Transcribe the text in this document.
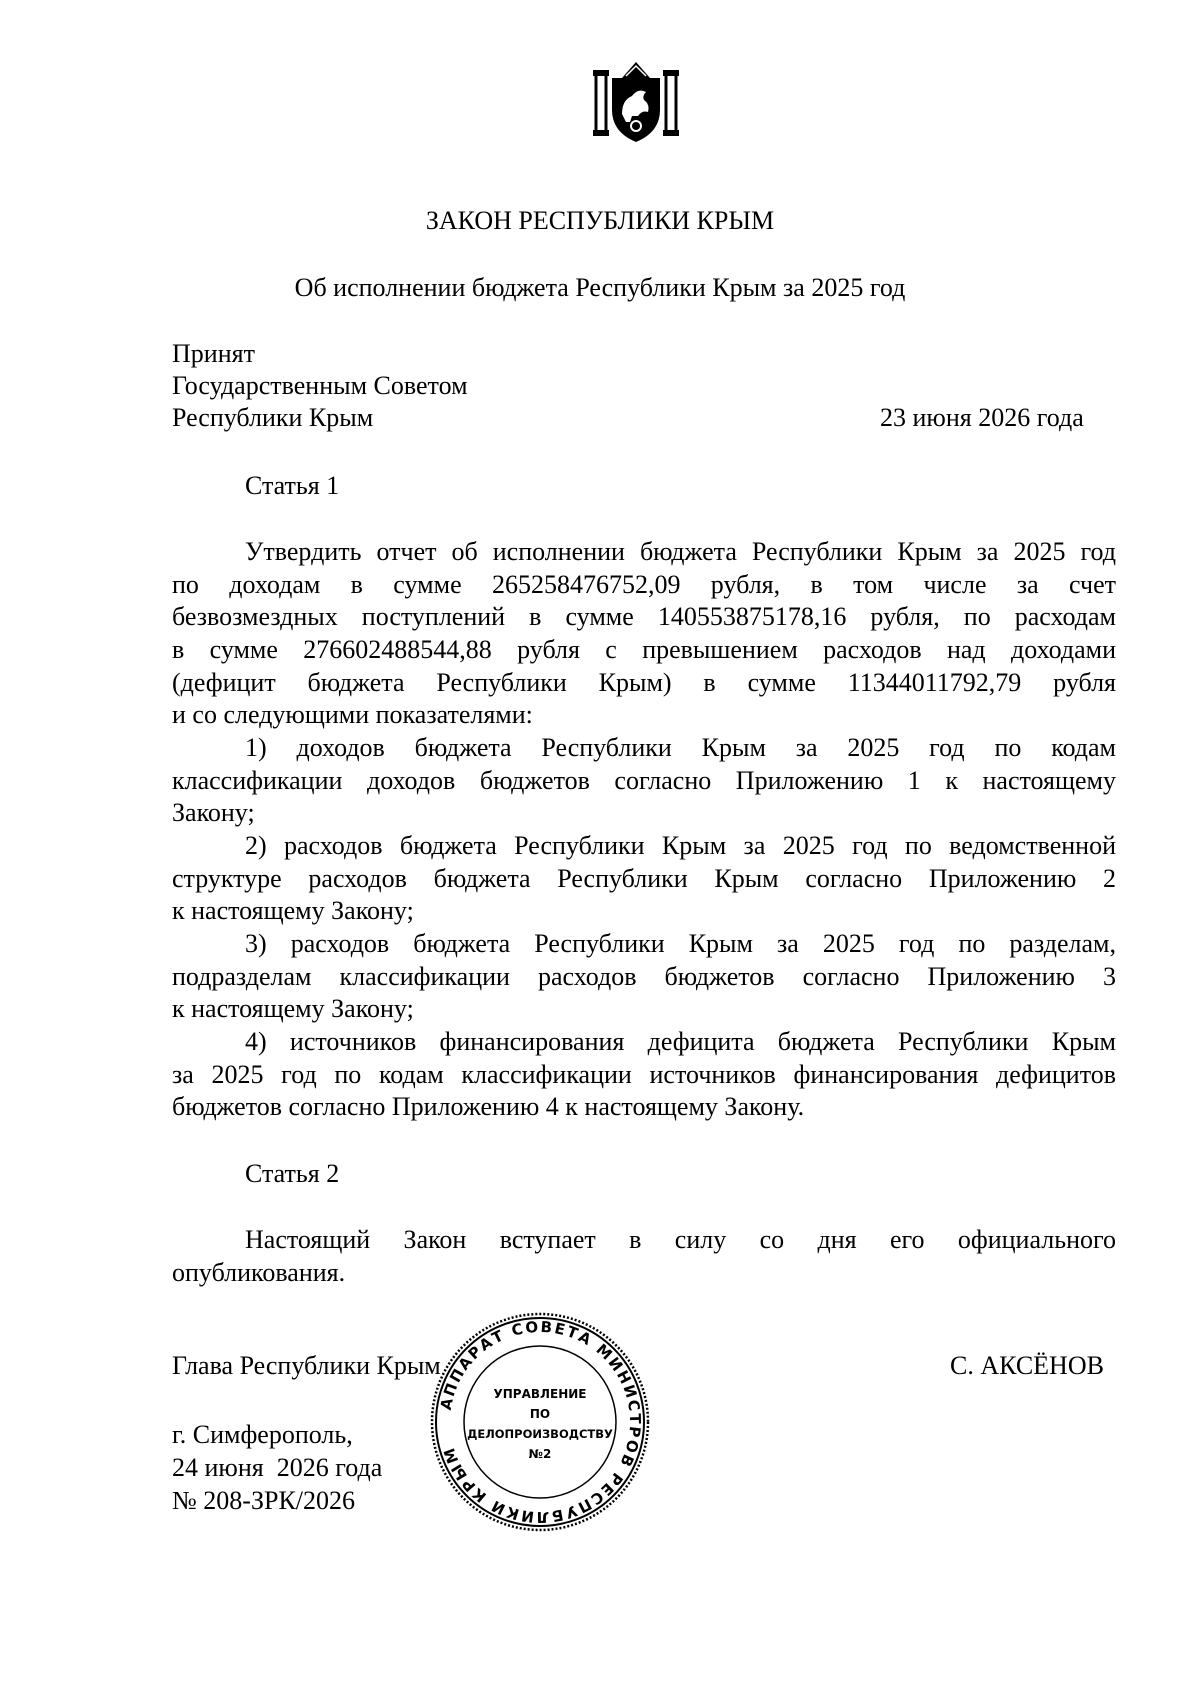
ЗАКОН РЕСПУБЛИКИ КРЫМ
Об исполнении бюджета Республики Крым за 2025 год
Принят
Государственным Советом
Республики Крым	23 июня 2026 года
Статья 1
Утвердить отчет об исполнении бюджета Республики Крым за 2025 год
по доходам в сумме 265258476752,09 рубля, в том числе за счет
безвозмездных поступлений в сумме 140553875178,16 рубля, по расходам
в сумме 276602488544,88 рубля с превышением расходов над доходами
(дефицит бюджета Республики Крым) в сумме 11344011792,79 рубля
и со следующими показателями:
1) доходов бюджета Республики Крым за 2025 год по кодам
классификации доходов бюджетов согласно Приложению 1 к настоящему
Закону;
2) расходов бюджета Республики Крым за 2025 год по ведомственной
структуре расходов бюджета Республики Крым согласно Приложению 2
к настоящему Закону;
3) расходов бюджета Республики Крым за 2025 год по разделам,
подразделам классификации расходов бюджетов согласно Приложению 3
к настоящему Закону;
4) источников финансирования дефицита бюджета Республики Крым
за 2025 год по кодам классификации источников финансирования дефицитов
бюджетов согласно Приложению 4 к настоящему Закону.
Статья 2
Настоящий Закон вступает в силу со дня его официального
опубликования.
АППАРАТ СОВЕТА МИНИСТРОВ РЕСПУБЛИКИ КРЫМ
УПРАВЛЕНИЕ
ПО
ДЕЛОПРОИЗВОДСТВУ
№2
Глава Республики Крым	С. АКСЁНОВ
г. Симферополь,
24 июня  2026 года
№ 208-ЗРК/2026
